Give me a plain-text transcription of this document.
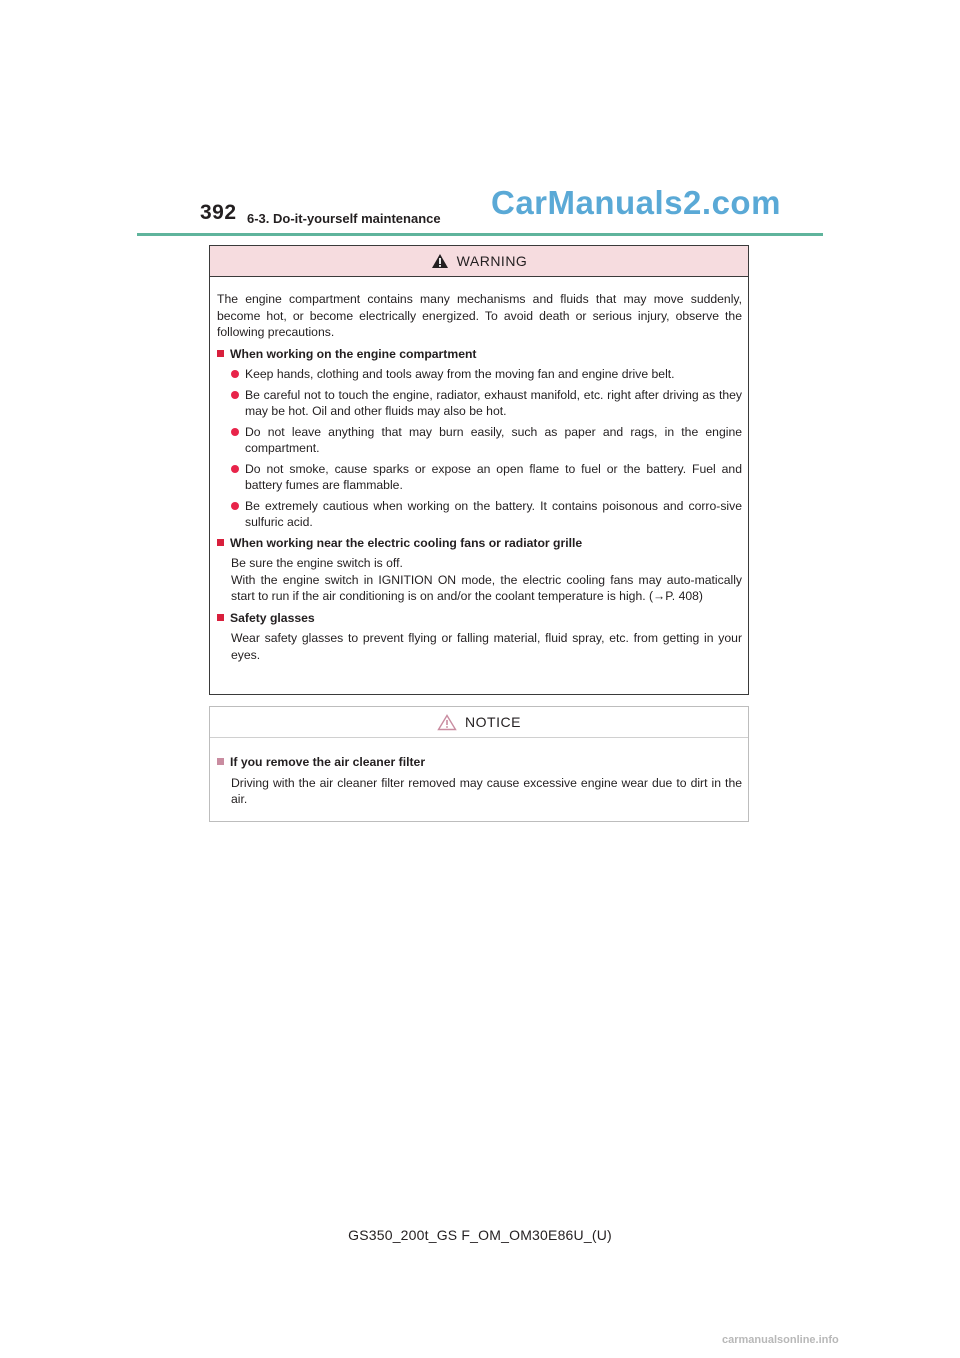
392 6-3. Do-it-yourself maintenance CarManuals2.com
WARNING

The engine compartment contains many mechanisms and fluids that may move suddenly, become hot, or become electrically energized. To avoid death or serious injury, observe the following precautions.

When working on the engine compartment
Keep hands, clothing and tools away from the moving fan and engine drive belt.
Be careful not to touch the engine, radiator, exhaust manifold, etc. right after driving as they may be hot. Oil and other fluids may also be hot.
Do not leave anything that may burn easily, such as paper and rags, in the engine compartment.
Do not smoke, cause sparks or expose an open flame to fuel or the battery. Fuel and battery fumes are flammable.
Be extremely cautious when working on the battery. It contains poisonous and corro-sive sulfuric acid.
When working near the electric cooling fans or radiator grille
Be sure the engine switch is off.
With the engine switch in IGNITION ON mode, the electric cooling fans may auto-matically start to run if the air conditioning is on and/or the coolant temperature is high. (→P. 408)
Safety glasses
Wear safety glasses to prevent flying or falling material, fluid spray, etc. from getting in your eyes.
NOTICE
If you remove the air cleaner filter
Driving with the air cleaner filter removed may cause excessive engine wear due to dirt in the air.
GS350_200t_GS F_OM_OM30E86U_(U)
carmanualsonline.info
